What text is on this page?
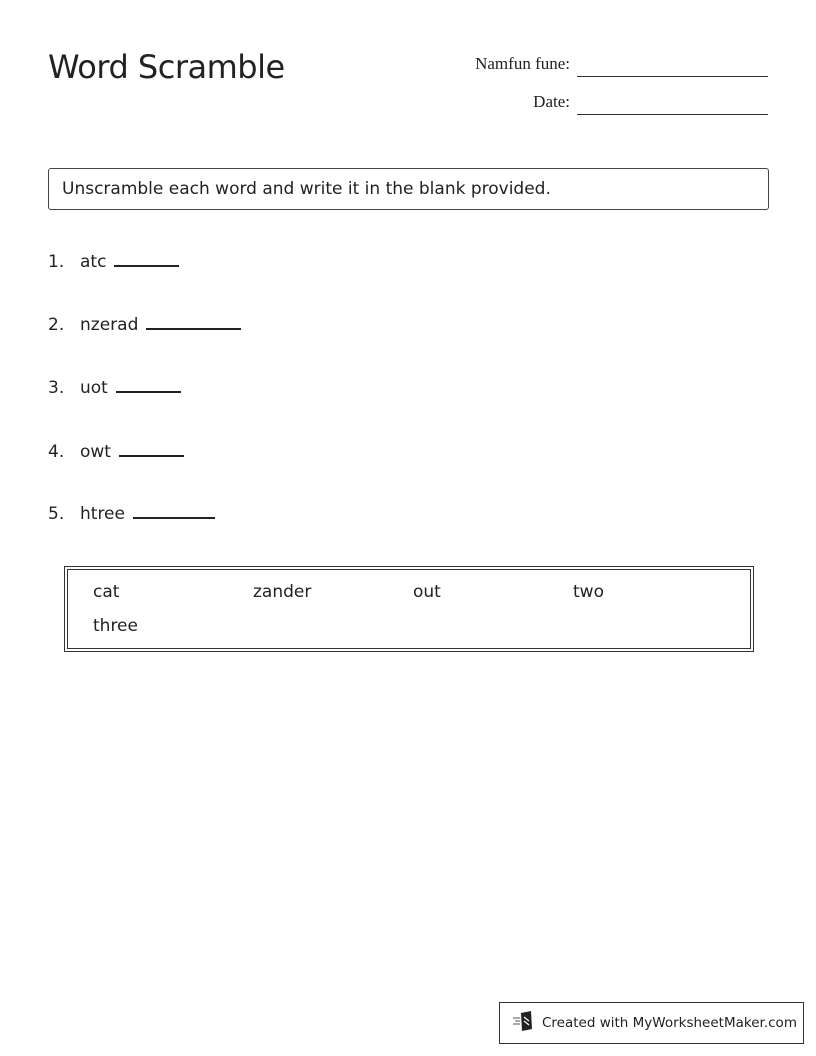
Word Scramble	Namfun fune:
Date:
Unscramble each word and write it in the blank provided.
1. atc
2. nzerad
3. uot
4. owt
5. htree
cat	zander	out	two
three
Created with MyWorksheetMaker.com
